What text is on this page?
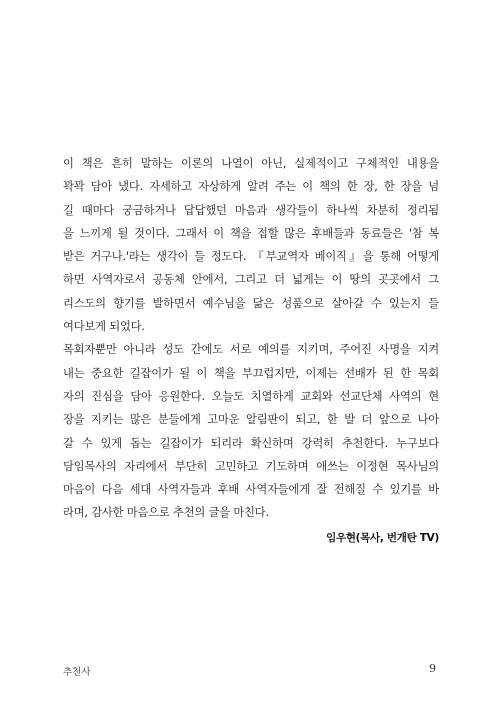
이 책은 흔히 말하는 이론의 나열이 아닌, 실제적이고 구체적인 내용을
꽉꽉 담아 냈다. 자세하고 자상하게 알려 주는 이 책의 한 장, 한 장을 넘
길 때마다 궁금하거나 답답했던 마음과 생각들이 하나씩 차분히 정리됨
을 느끼게 될 것이다. 그래서 이 책을 접할 많은 후배들과 동료들은 '참 복
받은 거구나.'라는 생각이 들 정도다. 『부교역자 베이직』을 통해 어떻게
하면 사역자로서 공동체 안에서, 그리고 더 넓게는 이 땅의 곳곳에서 그
리스도의 향기를 발하면서 예수님을 닮은 성품으로 살아갈 수 있는지 들
여다보게 되었다.

목회자뿐만 아니라 성도 간에도 서로 예의를 지키며, 주어진 사명을 지켜
내는 중요한 길잡이가 될 이 책을 부끄럽지만, 이제는 선배가 된 한 목회
자의 진심을 담아 응원한다. 오늘도 치열하게 교회와 선교단체 사역의 현
장을 지키는 많은 분들에게 고마운 알림판이 되고, 한 발 더 앞으로 나아
갈 수 있게 돕는 길잡이가 되리라 확신하며 강력히 추천한다. 누구보다
담임목사의 자리에서 부단히 고민하고 기도하며 애쓰는 이정현 목사님의
마음이 다음 세대 사역자들과 후배 사역자들에게 잘 전해질 수 있기를 바
라며, 감사한 마음으로 추천의 글을 마친다.

임우현(목사, 번개탄 TV)
추천사	9
